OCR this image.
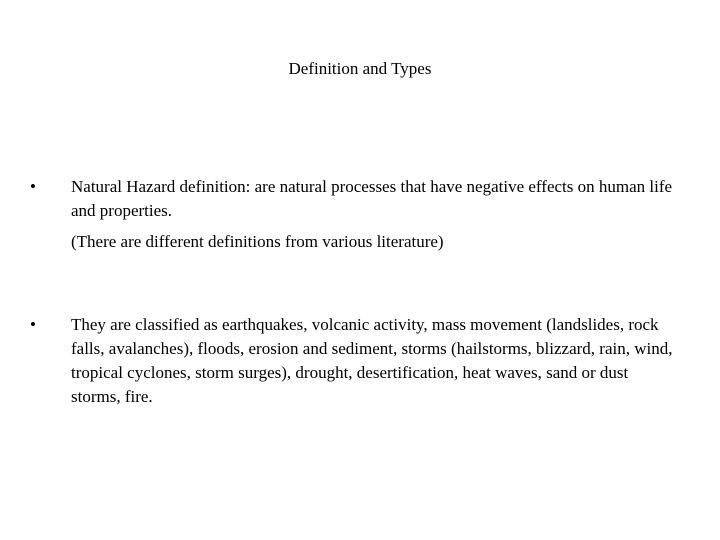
Definition and Types
•	Natural Hazard definition: are natural processes that have negative effects on human life and properties.
(There are different definitions from various literature)
•	They are classified as earthquakes, volcanic activity, mass movement (landslides, rock falls, avalanches), floods, erosion and sediment, storms (hailstorms, blizzard, rain, wind, tropical cyclones, storm surges), drought, desertification, heat waves, sand or dust storms, fire.
